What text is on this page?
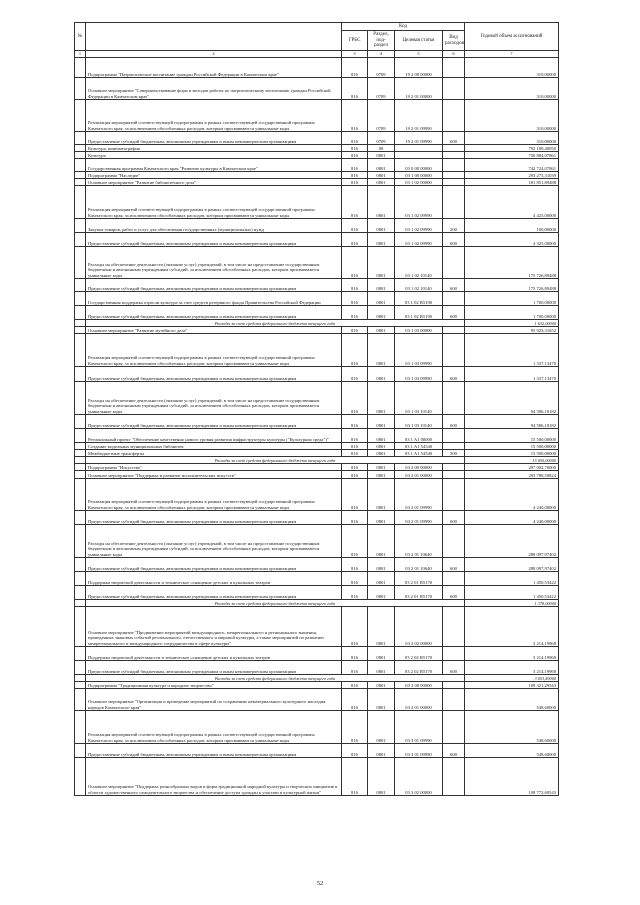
№		Код				Годовой объем ассигнований
		ГРБС	Раздел, под-раздел	Целевая статья	Вид расходов	
1	2	3	4	5	6	7
	Подпрограмма "Патриотическое воспитание граждан Российской Федерации в Камчатском крае"	816	0709	19 2 00 00000		310,00000
	Основное мероприятие "Совершенствование форм и методов работы по патриотическому воспитанию граждан Российской Федерации в Камчатском крае"	816	0709	19 2 01 00000		310,00000
	Реализация мероприятий соответствующей подпрограммы в рамках соответствующей государственной программы Камчатского края, за исключением обособленных расходов, которым присваиваются уникальные коды	816	0709	19 2 01 09990		310,00000
	Предоставление субсидий бюджетным, автономным учреждениям и иным некоммерческим организациям	816	0709	19 2 01 09990	600	310,00000
	Культура, кинематография	816	08			792 180,40050
	Культура	816	0801			750 884,07861
	Государственная программа Камчатского края "Развитие культуры в Камчатском крае"	816	0801	03 0 00 00000		742 724,07861
	Подпрограмма "Наследие"	816	0801	03 1 00 00000		293 275,31039
	Основное мероприятие "Развитие библиотечного дела"	816	0801	03 1 02 00000		181 851,89488
	Реализация мероприятий соответствующей подпрограммы в рамках соответствующей государственной программы Камчатского края, за исключением обособленных расходов, которым присваиваются уникальные коды	816	0801	03 1 02 09990		4 425,00000
	Закупка товаров, работ и услуг для обеспечения государственных (муниципальных) нужд	816	0801	03 1 02 09990	200	100,00000
	Предоставление субсидий бюджетным, автономным учреждениям и иным некоммерческим организациям	816	0801	03 1 02 09990	600	4 325,00000
	Расходы на обеспечение деятельности (оказание услуг) учреждений, в том числе на предоставление государственным бюджетным и автономным учреждениям субсидий, за исключением обособленных расходов, которым присваиваются уникальные коды	816	0801	03 1 02 10140		175 726,89488
	Предоставление субсидий бюджетным, автономным учреждениям и иным некоммерческим организациям	816	0801	03 1 02 10140	600	175 726,89488
	Государственная поддержка отрасли культура за счет средств резервного фонда Правительства Российской Федерации	816	0801	03 1 02 R5190		1 700,00000
	Предоставление субсидий бюджетным, автономным учреждениям и иным некоммерческим организациям	816	0801	03 1 02 R5190	600	1 700,00000
	Расходы за счет средств федерального бюджета текущего года					1 632,00000
	Основное мероприятие "Развитие музейного дела"	816	0801	03 1 03 00000		95 923,31652
	Реализация мероприятий соответствующей подпрограммы в рамках соответствующей государственной программы Камчатского края, за исключением обособленных расходов, которым присваиваются уникальные коды	816	0801	03 1 03 09990		1 337,13470
	Предоставление субсидий бюджетным, автономным учреждениям и иным некоммерческим организациям	816	0801	03 1 03 09990	600	1 337,13470
	Расходы на обеспечение деятельности (оказание услуг) учреждений, в том числе на предоставление государственным бюджетным и автономным учреждениям субсидий, за исключением обособленных расходов, которым присваиваются уникальные коды	816	0801	03 1 03 10140		94 586,18182
	Предоставление субсидий бюджетным, автономным учреждениям и иным некоммерческим организациям	816	0801	03 1 03 10140	600	94 586,18182
	Региональный проект "Обеспечение качественно нового уровня развития инфраструктуры культуры ("Культурная среда")"	816	0801	03 1 A1 00000		15 500,00000
	Создание модельных муниципальных библиотек	816	0801	03 1 A1 54540		15 500,00000
	Межбюджетные трансферты	816	0801	03 1 A1 54540	500	15 500,00000
	Расходы за счет средств федерального бюджета текущего года					15 050,00000
	Подпрограмма "Искусство"	816	0801	03 2 00 00000		297 002,70000
	Основное мероприятие "Поддержка и развитие исполнительских искусств"	816	0801	03 2 01 00000		293 788,50824
	Реализация мероприятий соответствующей подпрограммы в рамках соответствующей государственной программы Камчатского края, за исключением обособленных расходов, которым присваиваются уникальные коды	816	0801	03 2 01 09990		4 240,00000
	Предоставление субсидий бюджетным, автономным учреждениям и иным некоммерческим организациям	816	0801	03 2 01 09990	600	4 240,00000
	Расходы на обеспечение деятельности (оказание услуг) учреждений, в том числе на предоставление государственным бюджетным и автономным учреждениям субсидий, за исключением обособленных расходов, которым присваиваются уникальные коды	816	0801	03 2 01 10640		288 097,97402
	Предоставление субсидий бюджетным, автономным учреждениям и иным некоммерческим организациям	816	0801	03 2 01 10640	600	288 097,97402
	Поддержка творческой деятельности и техническое оснащение детских и кукольных театров	816	0801	03 2 01 R5170		1 450,53422
	Предоставление субсидий бюджетным, автономным учреждениям и иным некоммерческим организациям	816	0801	03 2 01 R5170	600	1 450,53422
	Расходы за счет средств федерального бюджета текущего года					1 378,00000
	Основное мероприятие "Продвижение мероприятий международного, межрегионального и регионального значения, проведенных знаковых событий регионального, отечественного и мировой культуры, а также мероприятий по развитию межрегионального и международного сотрудничества в сфере культуры"	816	0801	03 2 02 00000		3 214,19968
	Поддержка творческой деятельности и техническое оснащение детских и кукольных театров	816	0801	03 2 02 R5170		3 214,19968
	Предоставление субсидий бюджетным, автономным учреждениям и иным некоммерческим организациям	816	0801	03 2 02 R5170	600	3 214,19968
	Расходы за счет средств федерального бюджета текущего года					3 053,49000
	Подпрограмма "Традиционная культура и народное творчество"	816	0801	03 3 00 00000		109 321,29543
	Основное мероприятие "Организация и проведение мероприятий по сохранению нематериального культурного наследия народов Камчатского края"	816	0801	03 3 01 00000		548,60000
	Реализация мероприятий соответствующей подпрограммы в рамках соответствующей государственной программы Камчатского края, за исключением обособленных расходов, которым присваиваются уникальные коды	816	0801	03 3 01 09990		548,60000
	Предоставление субсидий бюджетным, автономным учреждениям и иным некоммерческим организациям	816	0801	03 3 01 09990	600	548,60000
	Основное мероприятие "Поддержка разнообразных видов и форм традиционной народной культуры и творческих инициатив в области художественного самодеятельного творчества и обеспечение доступа граждан к участию в культурной жизни"	816	0801	03 3 02 00000		108 772,69543
52
